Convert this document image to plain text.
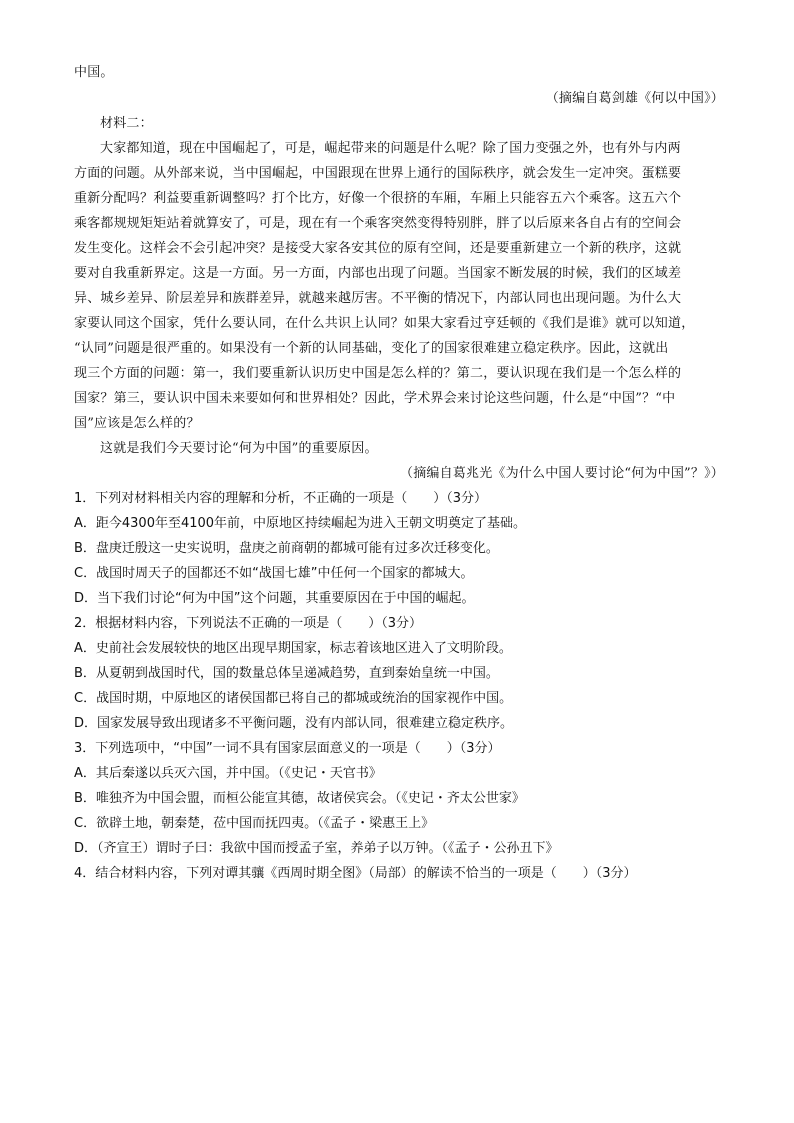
中国。
（摘编自葛剑雄《何以中国》）
材料二：
大家都知道，现在中国崛起了，可是，崛起带来的问题是什么呢？除了国力变强之外，也有外与内两
方面的问题。从外部来说，当中国崛起，中国跟现在世界上通行的国际秩序，就会发生一定冲突。蛋糕要
重新分配吗？利益要重新调整吗？打个比方，好像一个很挤的车厢，车厢上只能容五六个乘客。这五六个
乘客都规规矩矩站着就算安了，可是，现在有一个乘客突然变得特别胖，胖了以后原来各自占有的空间会
发生变化。这样会不会引起冲突？是接受大家各安其位的原有空间，还是要重新建立一个新的秩序，这就
要对自我重新界定。这是一方面。另一方面，内部也出现了问题。当国家不断发展的时候，我们的区域差
异、城乡差异、阶层差异和族群差异，就越来越厉害。不平衡的情况下，内部认同也出现问题。为什么大
家要认同这个国家，凭什么要认同，在什么共识上认同？如果大家看过亨廷顿的《我们是谁》就可以知道，
“认同”问题是很严重的。如果没有一个新的认同基础，变化了的国家很难建立稳定秩序。因此，这就出
现三个方面的问题：第一，我们要重新认识历史中国是怎么样的？第二，要认识现在我们是一个怎么样的
国家？第三，要认识中国未来要如何和世界相处？因此，学术界会来讨论这些问题，什么是“中国”？“中
国”应该是怎么样的？
这就是我们今天要讨论“何为中国”的重要原因。
（摘编自葛兆光《为什么中国人要讨论“何为中国”？》）
1．下列对材料相关内容的理解和分析，不正确的一项是（　　）（3分）
A．距今4300年至4100年前，中原地区持续崛起为进入王朝文明奠定了基础。
B．盘庚迁殷这一史实说明，盘庚之前商朝的都城可能有过多次迁移变化。
C．战国时周天子的国都还不如“战国七雄”中任何一个国家的都城大。
D．当下我们讨论“何为中国”这个问题，其重要原因在于中国的崛起。
2．根据材料内容，下列说法不正确的一项是（　　）（3分）
A．史前社会发展较快的地区出现早期国家，标志着该地区进入了文明阶段。
B．从夏朝到战国时代，国的数量总体呈递减趋势，直到秦始皇统一中国。
C．战国时期，中原地区的诸侯国都已将自己的都城或统治的国家视作中国。
D．国家发展导致出现诸多不平衡问题，没有内部认同，很难建立稳定秩序。
3．下列选项中，“中国”一词不具有国家层面意义的一项是（　　）（3分）
A．其后秦遂以兵灭六国，并中国。（《史记・天官书》
B．唯独齐为中国会盟，而桓公能宣其德，故诸侯宾会。（《史记・齐太公世家》
C．欲辟土地，朝秦楚，莅中国而抚四夷。（《孟子・梁惠王上》
D．（齐宣王）谓时子曰：我欲中国而授孟子室，养弟子以万钟。（《孟子・公孙丑下》
4．结合材料内容，下列对谭其骧《西周时期全图》（局部）的解读不恰当的一项是（　　）（3分）
